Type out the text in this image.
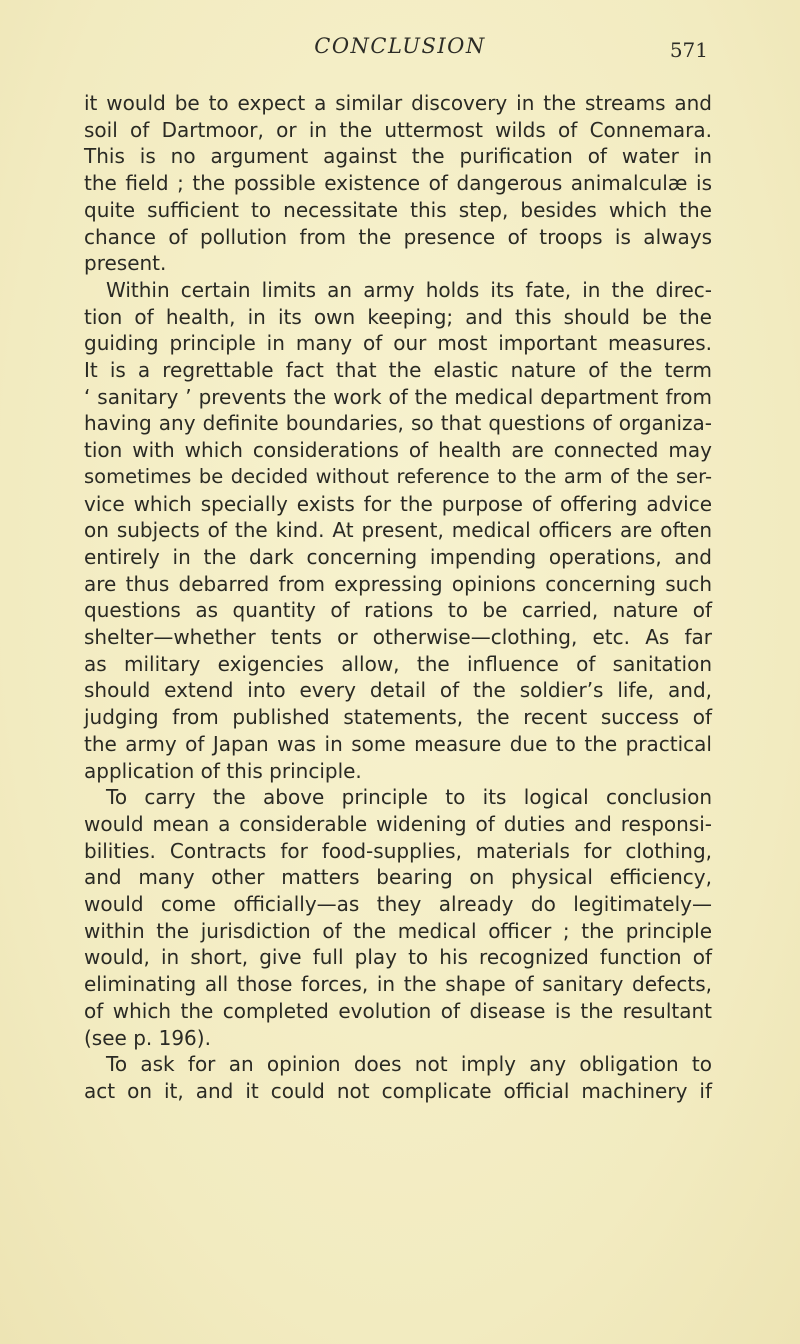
CONCLUSION	571
it would be to expect a similar discovery in the streams and
soil of Dartmoor, or in the uttermost wilds of Connemara.
This is no argument against the purification of water in
the field ; the possible existence of dangerous animalculæ is
quite sufficient to necessitate this step, besides which the
chance of pollution from the presence of troops is always
present.
Within certain limits an army holds its fate, in the direc-
tion of health, in its own keeping; and this should be the
guiding principle in many of our most important measures.
It is a regrettable fact that the elastic nature of the term
‘ sanitary ’ prevents the work of the medical department from
having any definite boundaries, so that questions of organiza-
tion with which considerations of health are connected may
sometimes be decided without reference to the arm of the ser-
vice which specially exists for the purpose of offering advice
on subjects of the kind. At present, medical officers are often
entirely in the dark concerning impending operations, and
are thus debarred from expressing opinions concerning such
questions as quantity of rations to be carried, nature of
shelter—whether tents or otherwise—clothing, etc. As far
as military exigencies allow, the influence of sanitation
should extend into every detail of the soldier’s life, and,
judging from published statements, the recent success of
the army of Japan was in some measure due to the practical
application of this principle.
To carry the above principle to its logical conclusion
would mean a considerable widening of duties and responsi-
bilities. Contracts for food-supplies, materials for clothing,
and many other matters bearing on physical efficiency,
would come officially—as they already do legitimately—
within the jurisdiction of the medical officer ; the principle
would, in short, give full play to his recognized function of
eliminating all those forces, in the shape of sanitary defects,
of which the completed evolution of disease is the resultant
(see p. 196).
To ask for an opinion does not imply any obligation to
act on it, and it could not complicate official machinery if
